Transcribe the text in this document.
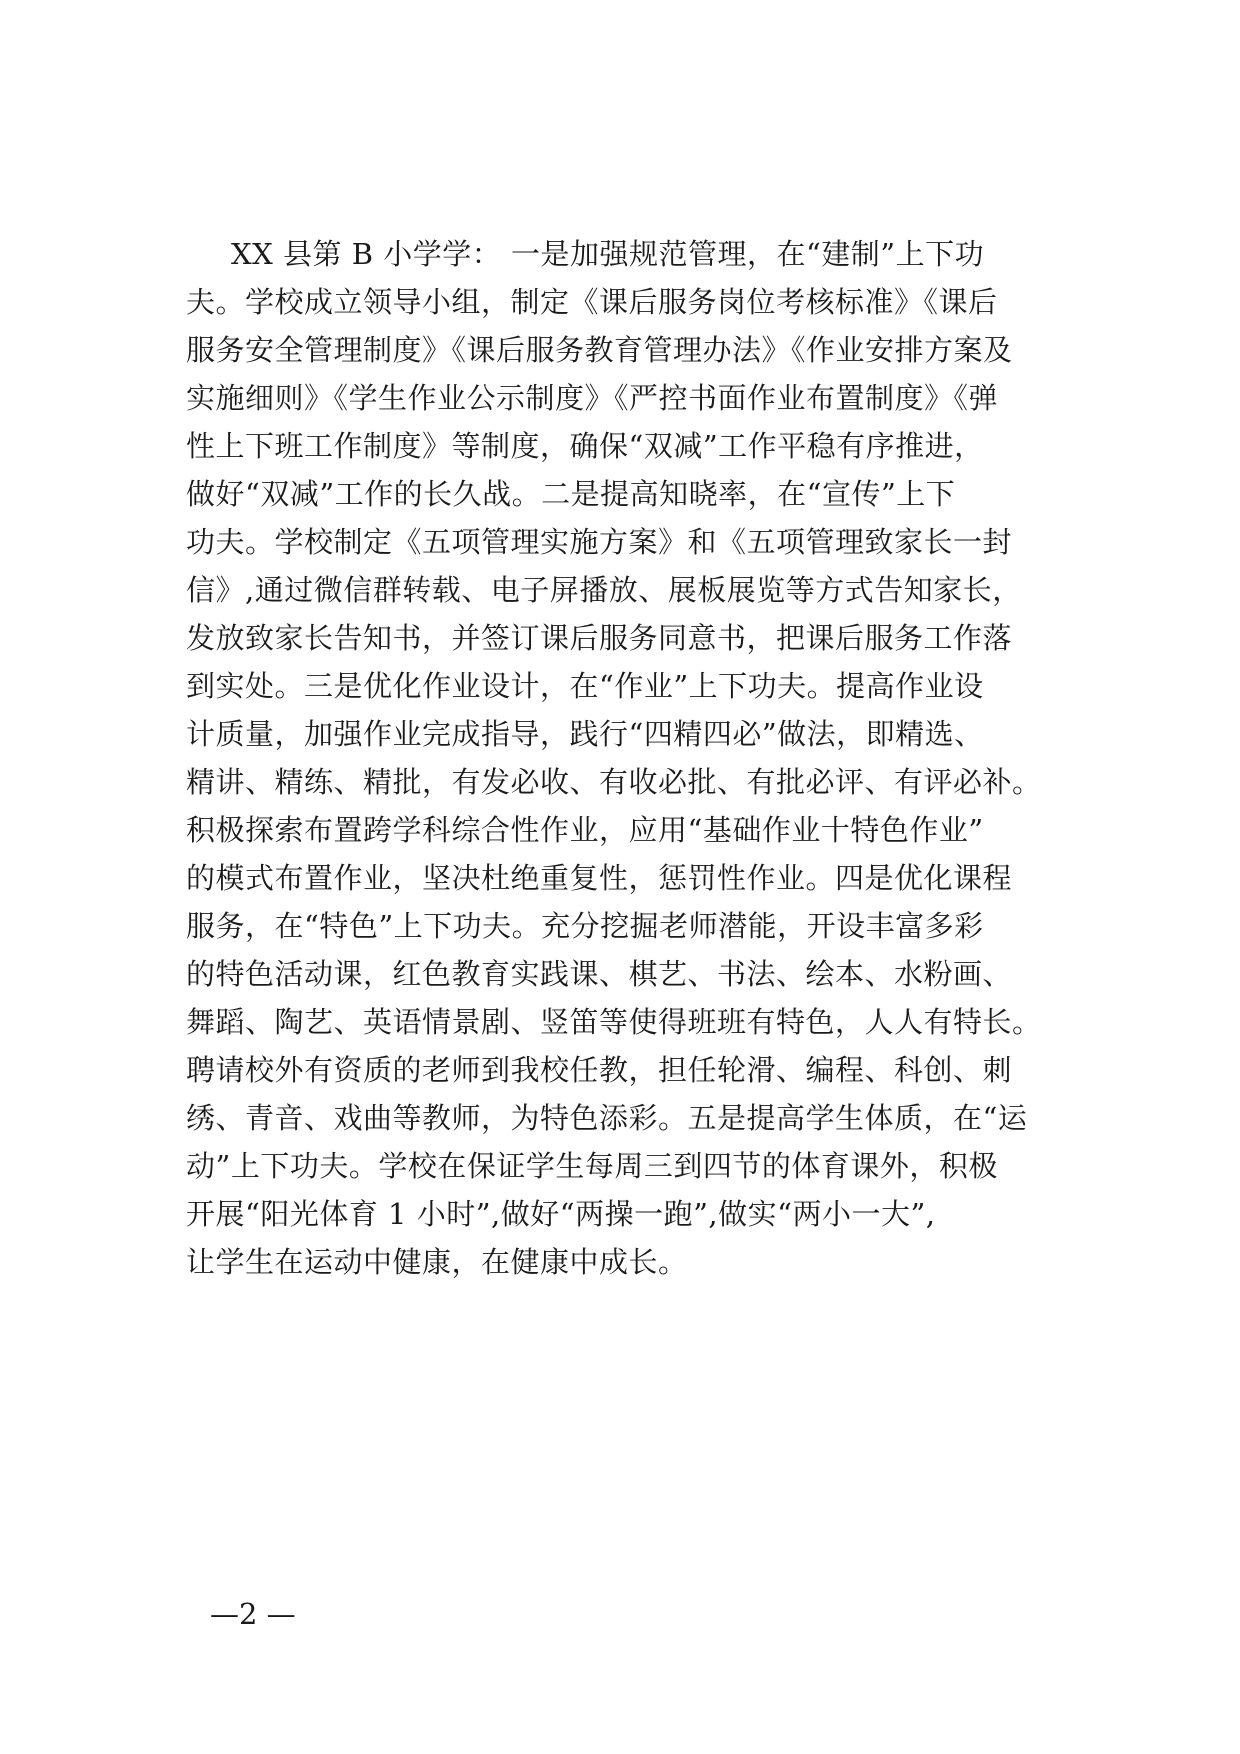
XX 县第 B 小学学： 一是加强规范管理，在“建制”上下功
夫。学校成立领导小组，制定《课后服务岗位考核标准》《课后
服务安全管理制度》《课后服务教育管理办法》《作业安排方案及
实施细则》《学生作业公示制度》《严控书面作业布置制度》《弹
性上下班工作制度》等制度，确保“双减”工作平稳有序推进，
做好“双减”工作的长久战。二是提高知晓率，在“宣传”上下
功夫。学校制定《五项管理实施方案》和《五项管理致家长一封
信》,通过微信群转载、电子屏播放、展板展览等方式告知家长，
发放致家长告知书，并签订课后服务同意书，把课后服务工作落
到实处。三是优化作业设计，在“作业”上下功夫。提高作业设
计质量，加强作业完成指导，践行“四精四必”做法，即精选、
精讲、精练、精批，有发必收、有收必批、有批必评、有评必补。
积极探索布置跨学科综合性作业，应用“基础作业十特色作业”
的模式布置作业，坚决杜绝重复性，惩罚性作业。四是优化课程
服务，在“特色”上下功夫。充分挖掘老师潜能，开设丰富多彩
的特色活动课，红色教育实践课、棋艺、书法、绘本、水粉画、
舞蹈、陶艺、英语情景剧、竖笛等使得班班有特色，人人有特长。
聘请校外有资质的老师到我校任教，担任轮滑、编程、科创、刺
绣、青音、戏曲等教师，为特色添彩。五是提高学生体质，在“运
动”上下功夫。学校在保证学生每周三到四节的体育课外，积极
开展“阳光体育 1 小时”,做好“两操一跑”,做实“两小一大”,
让学生在运动中健康，在健康中成长。
—2 —
